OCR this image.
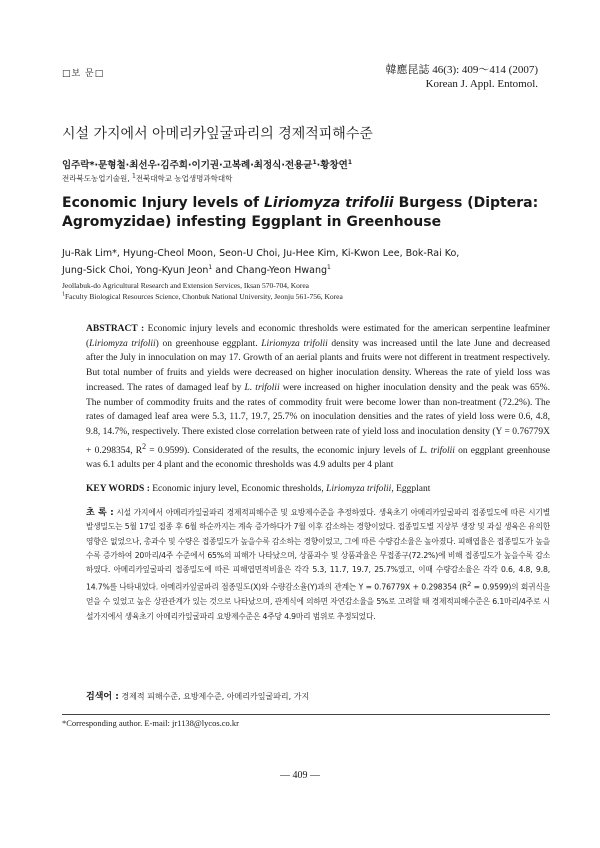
□보 문□	韓應昆誌 46(3): 409～414 (2007)
Korean J. Appl. Entomol.
시설 가지에서 아메리카잎굴파리의 경제적피해수준
임주락*·문형철·최선우·김주희·이기권·고복례·최정식·전용균$^1$·황창연$^1$
전라북도농업기술원, $^1$전북대학교 농업생명과학대학
Economic Injury levels of Liriomyza trifolii Burgess (Diptera: Agromyzidae) infesting Eggplant in Greenhouse
Ju-Rak Lim*, Hyung-Cheol Moon, Seon-U Choi, Ju-Hee Kim, Ki-Kwon Lee, Bok-Rai Ko,
Jung-Sick Choi, Yong-Kyun Jeon$^1$ and Chang-Yeon Hwang$^1$
Jeollabuk-do Agricultural Research and Extension Services, Iksan 570-704, Korea
$^1$Faculty Biological Resources Science, Chonbuk National University, Jeonju 561-756, Korea

ABSTRACT : Economic injury levels and economic thresholds were estimated for the american serpentine leafminer (Liriomyza trifolii) on greenhouse eggplant. Liriomyza trifolii density was increased until the late June and decreased after the July in innoculation on may 17. Growth of an aerial plants and fruits were not different in treatment respectively. But total number of fruits and yields were decreased on higher inoculation density. Whereas the rate of yield loss was increased. The rates of damaged leaf by L. trifolii were increased on higher inoculation density and the peak was 65%. The number of commodity fruits and the rates of commodity fruit were become lower than non-treatment (72.2%). The rates of damaged leaf area were 5.3, 11.7, 19.7, 25.7% on inoculation densities and the rates of yield loss were 0.6, 4.8, 9.8, 14.7%, respectively. There existed close correlation between rate of yield loss and inoculation density (Y = 0.76779X + 0.298354, $R^2 = 0.9599$). Considerated of the results, the economic injury levels of L. trifolii on eggplant greenhouse was 6.1 adults per 4 plant and the economic thresholds was 4.9 adults per 4 plant

KEY WORDS : Economic injury level, Economic thresholds, Liriomyza trifolii, Eggplant

초 록 : 시설 가지에서 아메리카잎굴파리 경제적피해수준 및 요방제수준을 추정하였다. 생육초기 아메리카잎굴파리 접종밀도에 따른 시기별 발생밀도는 5월 17일 접종 후 6월 하순까지는 계속 증가하다가 7월 이후 감소하는 경향이었다. 접종밀도별 지상부 생장 및 과실 생육은 유의한 영향은 없었으나, 총과수 및 수량은 접종밀도가 높을수록 감소하는 경향이었고, 그에 따른 수량감소율은 높아졌다. 피해엽율은 접종밀도가 높을수록 증가하여 20마리/4주 수준에서 65%의 피해가 나타났으며, 상품과수 및 상품과율은 무접종구(72.2%)에 비해 접종밀도가 높을수록 감소하였다. 아메리카잎굴파리 접종밀도에 따른 피해엽면적비율은 각각 5.3, 11.7, 19.7, 25.7%였고, 이때 수량감소율은 각각 0.6, 4.8, 9.8, 14.7%를 나타내었다. 아메리카잎굴파리 접종밀도(X)와 수량감소율(Y)과의 관계는 Y = 0.76779X + 0.298354 $(R^2 = 0.9599)$의 회귀식을 얻을 수 있었고 높은 상관관계가 있는 것으로 나타났으며, 관계식에 의하면 자연감소율을 5%로 고려할 때 경제적피해수준은 6.1마리/4주로 시설가지에서 생육초기 아메리카잎굴파리 요방제수준은 4주당 4.9마리 범위로 추정되었다.

검색어 : 경제적 피해수준, 요방제수준, 아메리카잎굴파리, 가지

*Corresponding author. E-mail: jr1138@lycos.co.kr
— 409 —
